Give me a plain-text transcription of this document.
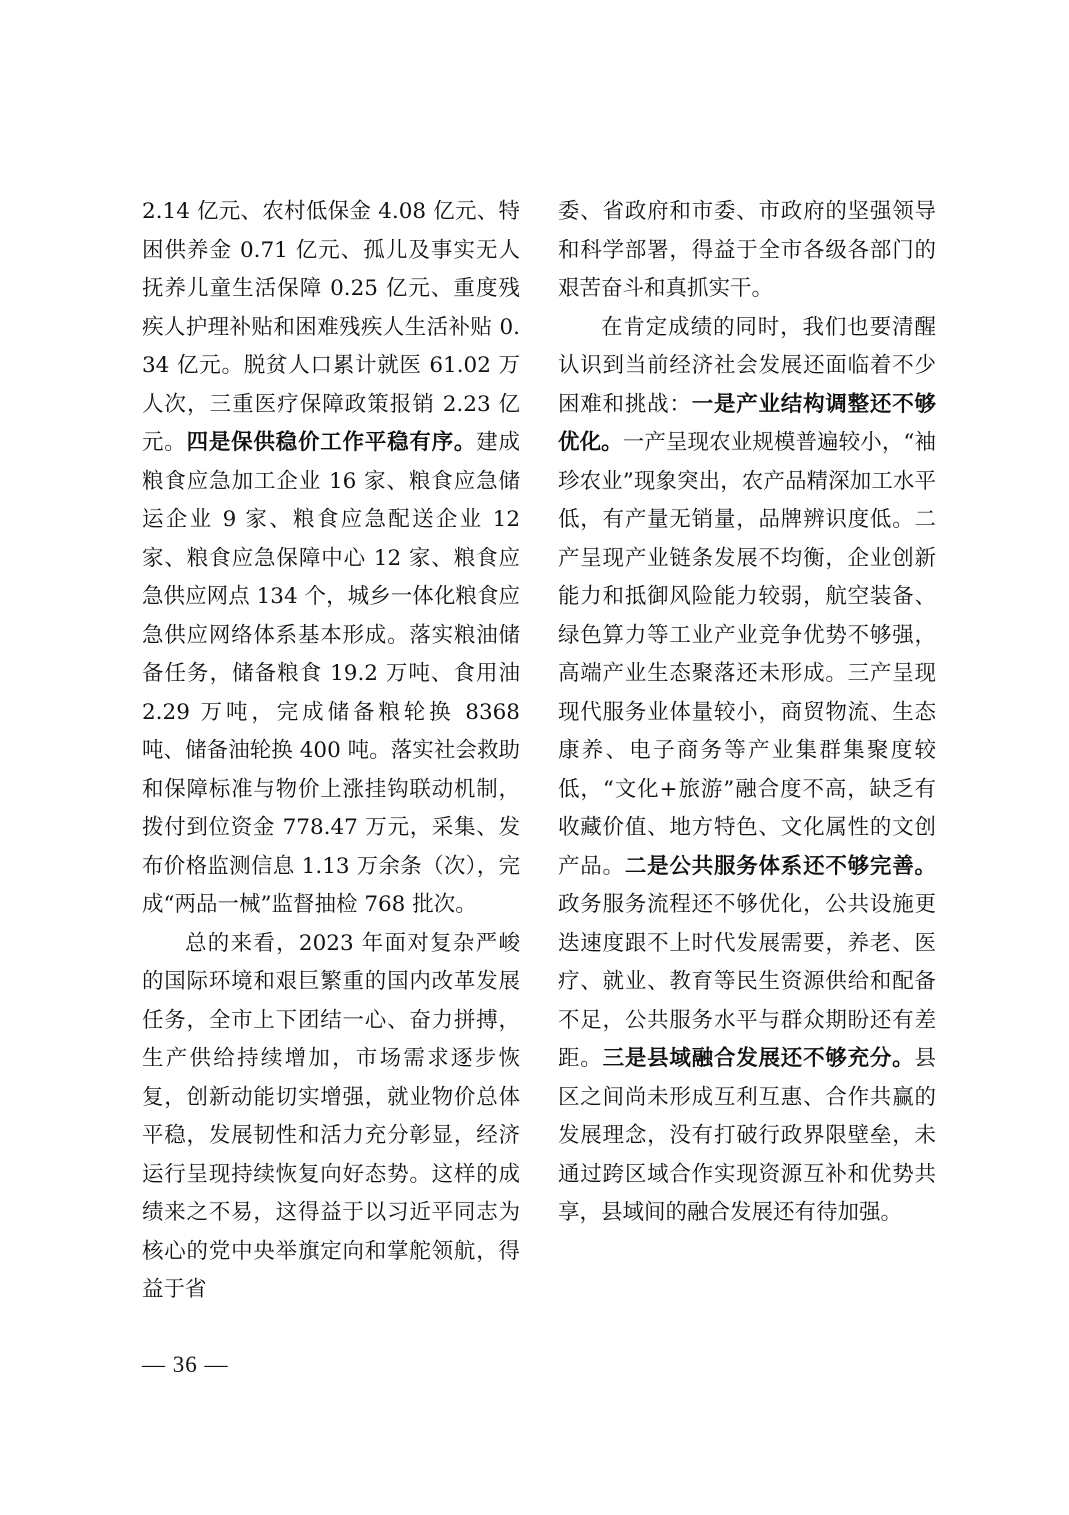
2.14 亿元、农村低保金 4.08 亿元、特困供养金 0.71 亿元、孤儿及事实无人抚养儿童生活保障 0.25 亿元、重度残疾人护理补贴和困难残疾人生活补贴 0.34 亿元。脱贫人口累计就医 61.02 万人次，三重医疗保障政策报销 2.23 亿元。四是保供稳价工作平稳有序。建成粮食应急加工企业 16 家、粮食应急储运企业 9 家、粮食应急配送企业 12 家、粮食应急保障中心 12 家、粮食应急供应网点 134 个，城乡一体化粮食应急供应网络体系基本形成。落实粮油储备任务，储备粮食 19.2 万吨、食用油 2.29 万吨，完成储备粮轮换 8368 吨、储备油轮换 400 吨。落实社会救助和保障标准与物价上涨挂钩联动机制，拨付到位资金 778.47 万元，采集、发布价格监测信息 1.13 万余条（次），完成“两品一械”监督抽检 768 批次。

总的来看，2023 年面对复杂严峻的国际环境和艰巨繁重的国内改革发展任务，全市上下团结一心、奋力拼搏，生产供给持续增加，市场需求逐步恢复，创新动能切实增强，就业物价总体平稳，发展韧性和活力充分彰显，经济运行呈现持续恢复向好态势。这样的成绩来之不易，这得益于以习近平同志为核心的党中央举旗定向和掌舵领航，得益于省

委、省政府和市委、市政府的坚强领导和科学部署，得益于全市各级各部门的艰苦奋斗和真抓实干。

在肯定成绩的同时，我们也要清醒认识到当前经济社会发展还面临着不少困难和挑战：一是产业结构调整还不够优化。一产呈现农业规模普遍较小，“袖珍农业”现象突出，农产品精深加工水平低，有产量无销量，品牌辨识度低。二产呈现产业链条发展不均衡，企业创新能力和抵御风险能力较弱，航空装备、绿色算力等工业产业竞争优势不够强，高端产业生态聚落还未形成。三产呈现现代服务业体量较小，商贸物流、生态康养、电子商务等产业集群集聚度较低，“文化+旅游”融合度不高，缺乏有收藏价值、地方特色、文化属性的文创产品。二是公共服务体系还不够完善。政务服务流程还不够优化，公共设施更迭速度跟不上时代发展需要，养老、医疗、就业、教育等民生资源供给和配备不足，公共服务水平与群众期盼还有差距。三是县域融合发展还不够充分。县区之间尚未形成互利互惠、合作共赢的发展理念，没有打破行政界限壁垒，未通过跨区域合作实现资源互补和优势共享，县域间的融合发展还有待加强。

— 36 —
